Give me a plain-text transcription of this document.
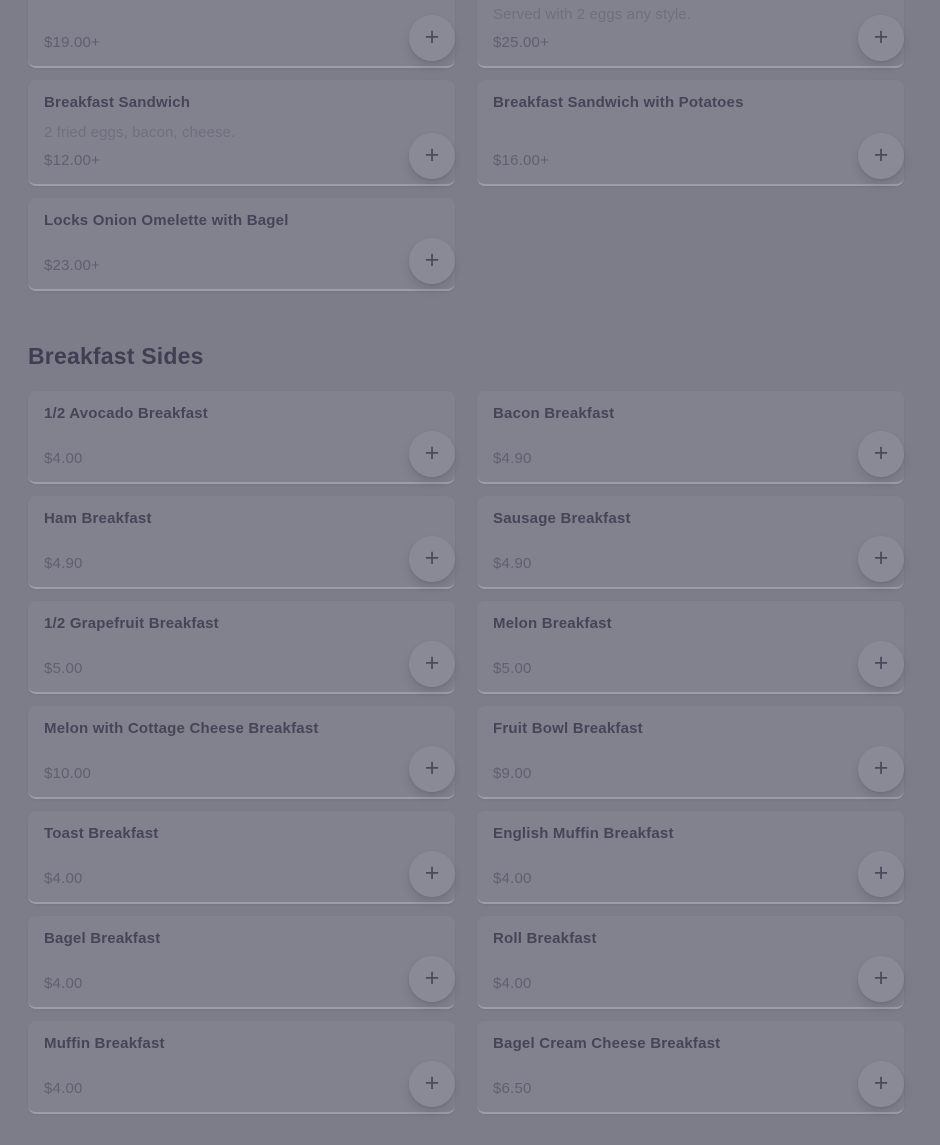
$19.00+	+
Served with 2 eggs any style.
$25.00+	+
Breakfast Sandwich
2 fried eggs, bacon, cheese.
$12.00+	+
Breakfast Sandwich with Potatoes
$16.00+	+
Locks Onion Omelette with Bagel
$23.00+	+
Breakfast Sides
1/2 Avocado Breakfast
$4.00	+
Bacon Breakfast
$4.90	+
Ham Breakfast
$4.90	+
Sausage Breakfast
$4.90	+
1/2 Grapefruit Breakfast
$5.00	+
Melon Breakfast
$5.00	+
Melon with Cottage Cheese Breakfast
$10.00	+
Fruit Bowl Breakfast
$9.00	+
Toast Breakfast
$4.00	+
English Muffin Breakfast
$4.00	+
Bagel Breakfast
$4.00	+
Roll Breakfast
$4.00	+
Muffin Breakfast
$4.00	+
Bagel Cream Cheese Breakfast
$6.50	+
